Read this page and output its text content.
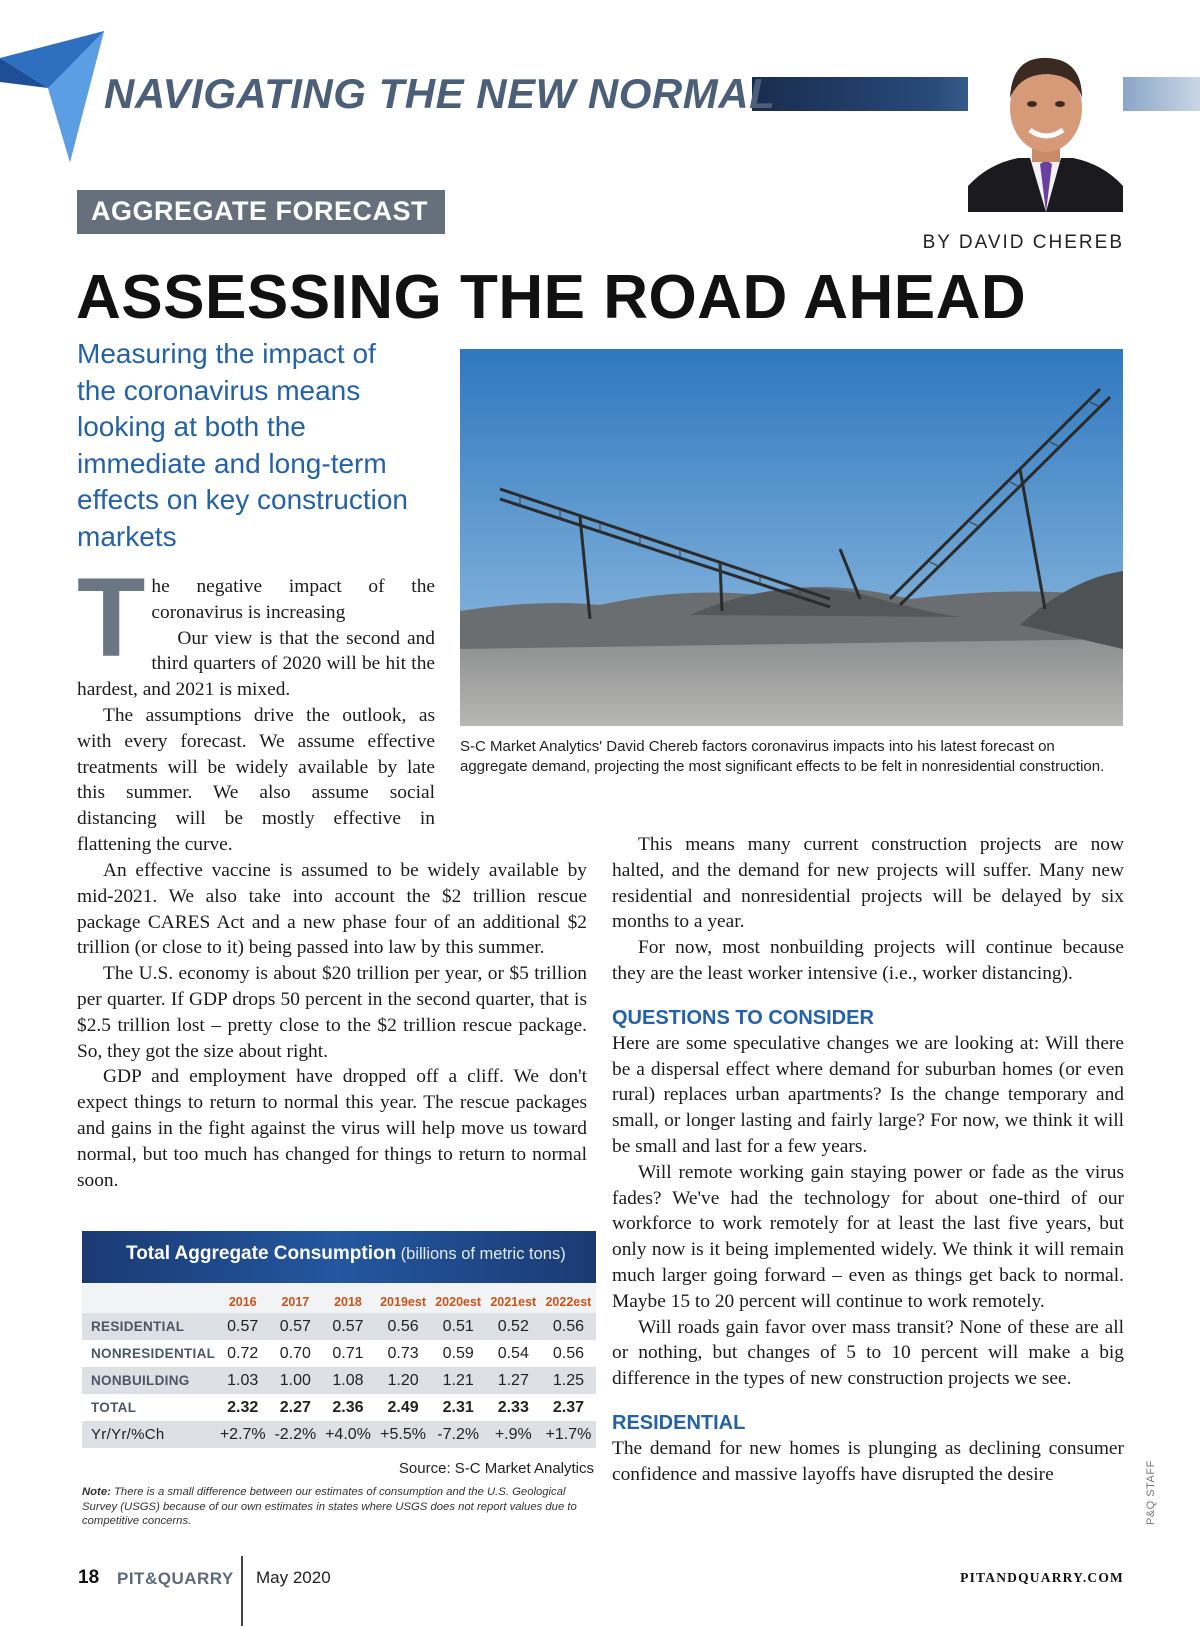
NAVIGATING THE NEW NORMAL
AGGREGATE FORECAST
BY DAVID CHEREB
ASSESSING THE ROAD AHEAD
Measuring the impact of the coronavirus means looking at both the immediate and long-term effects on key construction markets
T he negative impact of the coronavirus is increasing

Our view is that the second and third quarters of 2020 will be hit the hardest, and 2021 is mixed.

The assumptions drive the outlook, as with every forecast. We assume effective treatments will be widely available by late this summer. We also assume social distancing will be mostly effective in flattening the curve.

An effective vaccine is assumed to be widely available by mid-2021. We also take into account the $2 trillion rescue package CARES Act and a new phase four of an additional $2 trillion (or close to it) being passed into law by this summer.

The U.S. economy is about $20 trillion per year, or $5 trillion per quarter. If GDP drops 50 percent in the second quarter, that is $2.5 trillion lost – pretty close to the $2 trillion rescue package. So, they got the size about right.

GDP and employment have dropped off a cliff. We don't expect things to return to normal this year. The rescue packages and gains in the fight against the virus will help move us toward normal, but too much has changed for things to return to normal soon.

S-C Market Analytics' David Chereb factors coronavirus impacts into his latest forecast on aggregate demand, projecting the most significant effects to be felt in nonresidential construction.

This means many current construction projects are now halted, and the demand for new projects will suffer. Many new residential and nonresidential projects will be delayed by six months to a year.

For now, most nonbuilding projects will continue because they are the least worker intensive (i.e., worker distancing).

QUESTIONS TO CONSIDER

Here are some speculative changes we are looking at: Will there be a dispersal effect where demand for suburban homes (or even rural) replaces urban apartments? Is the change temporary and small, or longer lasting and fairly large? For now, we think it will be small and last for a few years.

Will remote working gain staying power or fade as the virus fades? We've had the technology for about one-third of our workforce to work remotely for at least the last five years, but only now is it being implemented widely. We think it will remain much larger going forward – even as things get back to normal. Maybe 15 to 20 percent will continue to work remotely.

Will roads gain favor over mass transit? None of these are all or nothing, but changes of 5 to 10 percent will make a big difference in the types of new construction projects we see.

RESIDENTIAL

The demand for new homes is plunging as declining consumer confidence and massive layoffs have disrupted the desire

Total Aggregate Consumption (billions of metric tons)
	2016	2017	2018	2019est	2020est	2021est	2022est
RESIDENTIAL	0.57	0.57	0.57	0.56	0.51	0.52	0.56
NONRESIDENTIAL	0.72	0.70	0.71	0.73	0.59	0.54	0.56
NONBUILDING	1.03	1.00	1.08	1.20	1.21	1.27	1.25
TOTAL	2.32	2.27	2.36	2.49	2.31	2.33	2.37
Yr/Yr/%Ch	+2.7%	-2.2%	+4.0%	+5.5%	-7.2%	+.9%	+1.7%
Source: S-C Market Analytics
Note: There is a small difference between our estimates of consumption and the U.S. Geological Survey (USGS) because of our own estimates in states where USGS does not report values due to competitive concerns.	P&Q STAFF
18 PIT&QUARRY May 2020	PITANDQUARRY.COM
